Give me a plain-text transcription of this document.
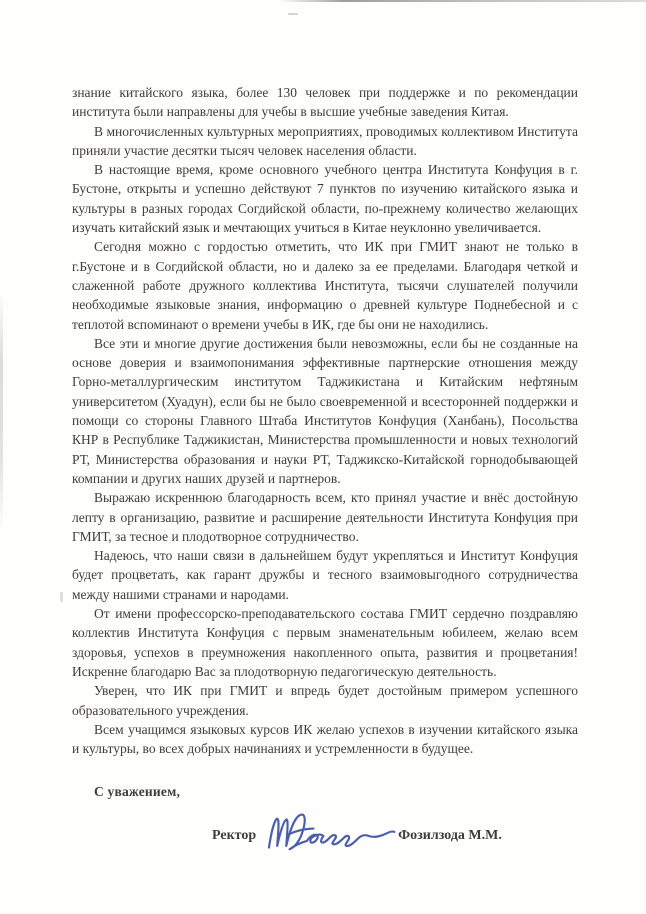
знание китайского языка, более 130 человек при поддержке и по рекомендации института были направлены для учебы в высшие учебные заведения Китая.

В многочисленных культурных мероприятиях, проводимых коллективом Института приняли участие десятки тысяч человек населения области.

В настоящие время, кроме основного учебного центра Института Конфуция в г. Бустоне, открыты и успешно действуют 7 пунктов по изучению китайского языка и культуры в разных городах Согдийской области, по-прежнему количество желающих изучать китайский язык и мечтающих учиться в Китае неуклонно увеличивается.

Сегодня можно с гордостью отметить, что ИК при ГМИТ знают не только в г.Бустоне и в Согдийской области, но и далеко за ее пределами. Благодаря четкой и слаженной работе дружного коллектива Института, тысячи слушателей получили необходимые языковые знания, информацию о древней культуре Поднебесной и с теплотой вспоминают о времени учебы в ИК, где бы они не находились.

Все эти и многие другие достижения были невозможны, если бы не созданные на основе доверия и взаимопонимания эффективные партнерские отношения между Горно-металлургическим институтом Таджикистана и Китайским нефтяным университетом (Хуадун), если бы не было своевременной и всесторонней поддержки и помощи со стороны Главного Штаба Институтов Конфуция (Ханбань), Посольства КНР в Республике Таджикистан, Министерства промышленности и новых технологий РТ, Министерства образования и науки РТ, Таджикско-Китайской горнодобывающей компании и других наших друзей и партнеров.

Выражаю искреннюю благодарность всем, кто принял участие и внёс достойную лепту в организацию, развитие и расширение деятельности Института Конфуция при ГМИТ, за тесное и плодотворное сотрудничество.

Надеюсь, что наши связи в дальнейшем будут укрепляться и Институт Конфуция будет процветать, как гарант дружбы и тесного взаимовыгодного сотрудничества между нашими странами и народами.

От имени профессорско-преподавательского состава ГМИТ сердечно поздравляю коллектив Института Конфуция с первым знаменательным юбилеем, желаю всем здоровья, успехов в преумножения накопленного опыта, развития и процветания! Искренне благодарю Вас за плодотворную педагогическую деятельность.

Уверен, что ИК при ГМИТ и впредь будет достойным примером успешного образовательного учреждения.

Всем учащимся языковых курсов ИК желаю успехов в изучении китайского языка и культуры, во всех добрых начинаниях и устремленности в будущее.

С уважением,
Ректор	Фозилзода М.М.
